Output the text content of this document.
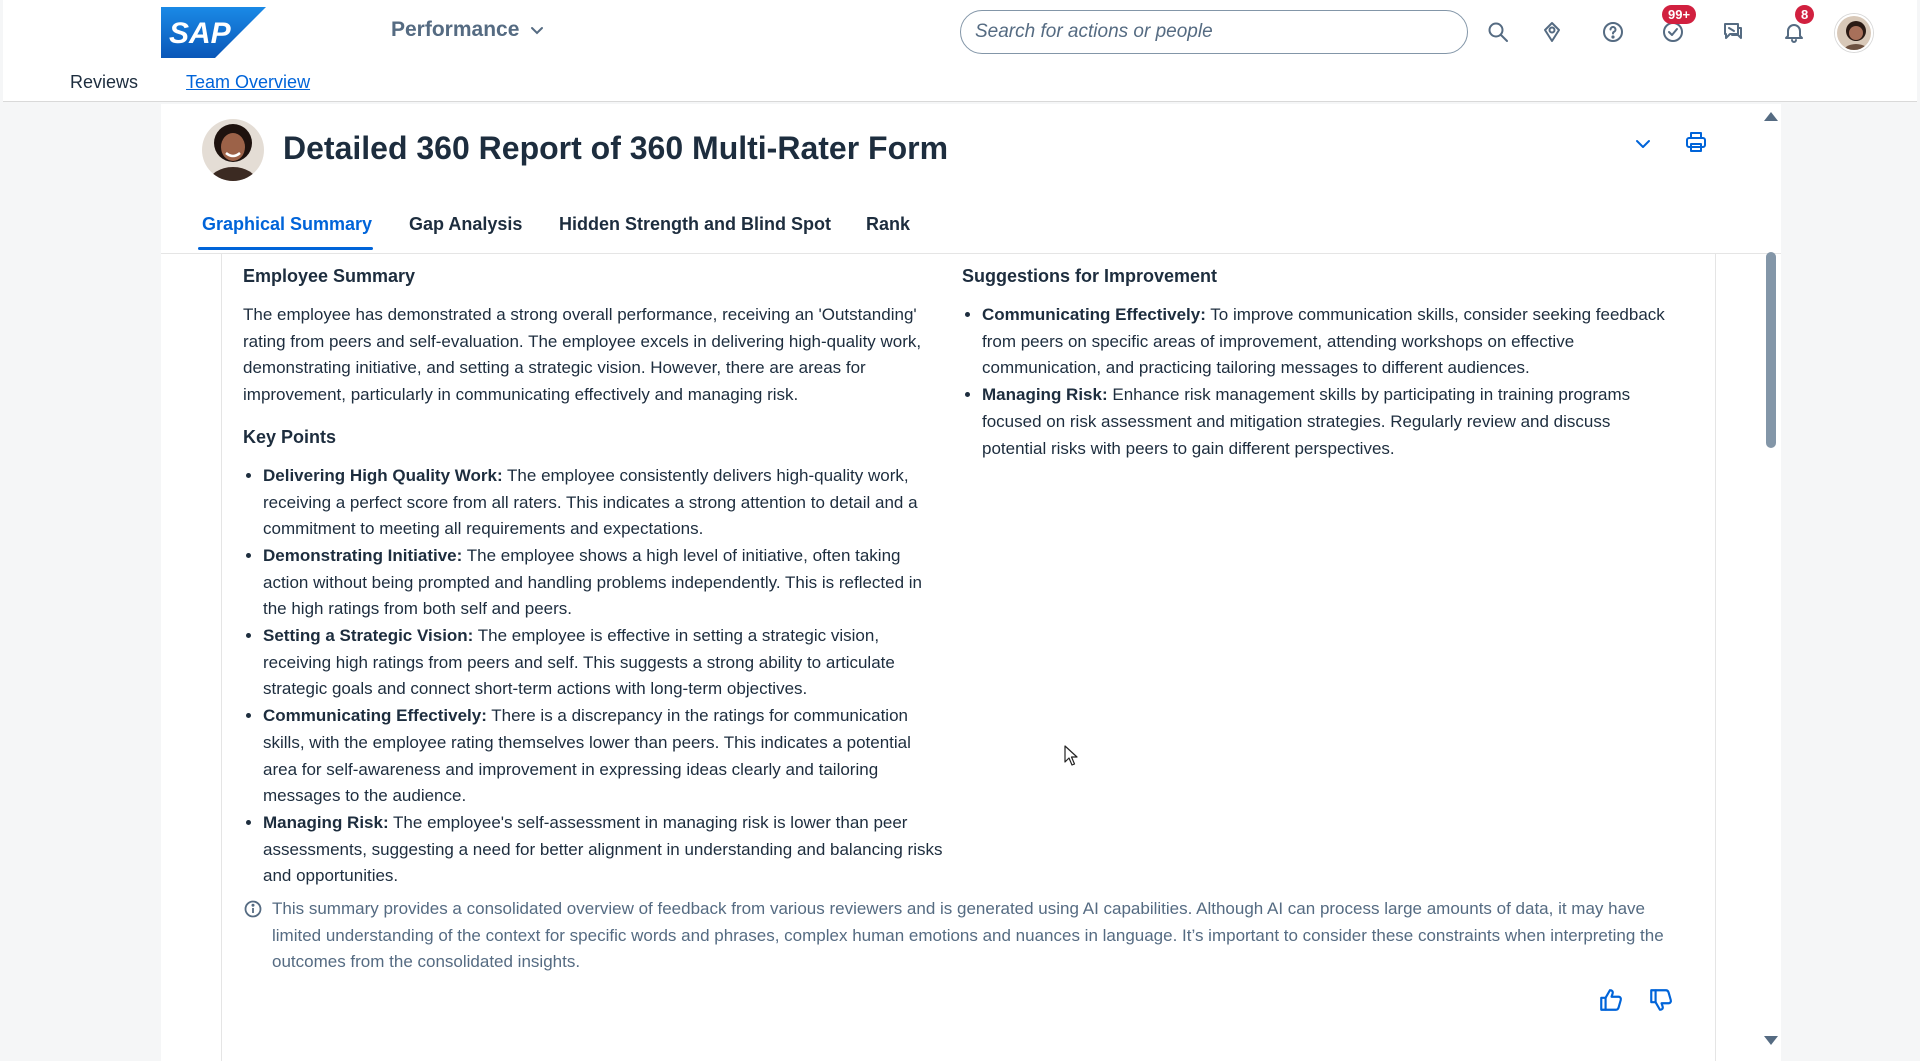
SAP	Performance
Search for actions or people
99+	8
Reviews	Team Overview
Detailed 360 Report of 360 Multi-Rater Form
Graphical Summary Gap Analysis Hidden Strength and Blind Spot Rank
Employee Summary

The employee has demonstrated a strong overall performance, receiving an 'Outstanding' rating from peers and self-evaluation. The employee excels in delivering high-quality work, demonstrating initiative, and setting a strategic vision. However, there are areas for improvement, particularly in communicating effectively and managing risk.

Key Points
• Delivering High Quality Work: The employee consistently delivers high-quality work, receiving a perfect score from all raters. This indicates a strong attention to detail and a commitment to meeting all requirements and expectations.
• Demonstrating Initiative: The employee shows a high level of initiative, often taking action without being prompted and handling problems independently. This is reflected in the high ratings from both self and peers.
• Setting a Strategic Vision: The employee is effective in setting a strategic vision, receiving high ratings from peers and self. This suggests a strong ability to articulate strategic goals and connect short-term actions with long-term objectives.
• Communicating Effectively: There is a discrepancy in the ratings for communication skills, with the employee rating themselves lower than peers. This indicates a potential area for self-awareness and improvement in expressing ideas clearly and tailoring messages to the audience.
• Managing Risk: The employee's self-assessment in managing risk is lower than peer assessments, suggesting a need for better alignment in understanding and balancing risks and opportunities.
Suggestions for Improvement
• Communicating Effectively: To improve communication skills, consider seeking feedback from peers on specific areas of improvement, attending workshops on effective communication, and practicing tailoring messages to different audiences.
• Managing Risk: Enhance risk management skills by participating in training programs focused on risk assessment and mitigation strategies. Regularly review and discuss potential risks with peers to gain different perspectives.
This summary provides a consolidated overview of feedback from various reviewers and is generated using AI capabilities. Although AI can process large amounts of data, it may have limited understanding of the context for specific words and phrases, complex human emotions and nuances in language. It’s important to consider these constraints when interpreting the outcomes from the consolidated insights.
